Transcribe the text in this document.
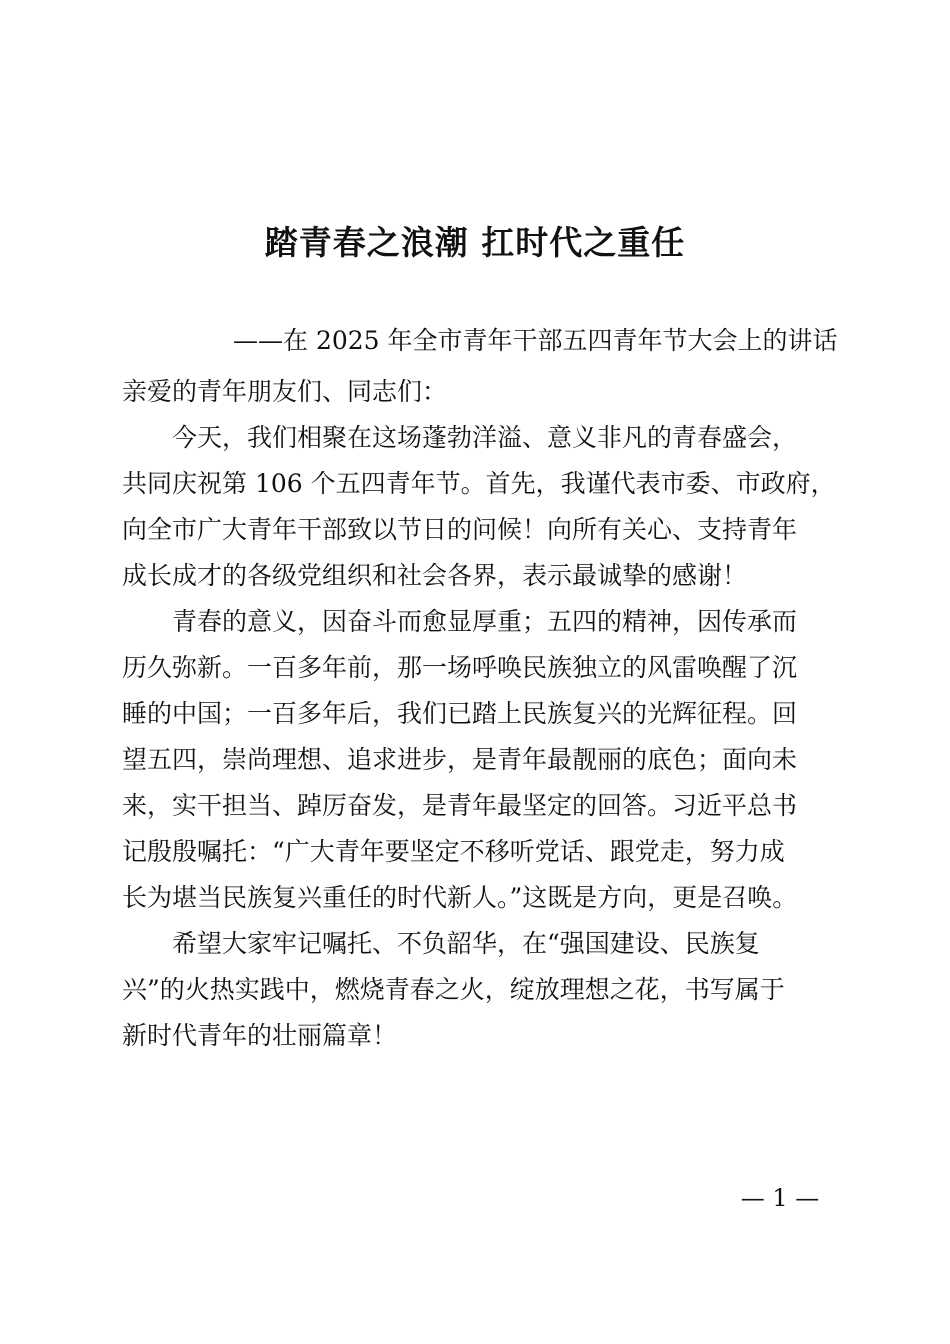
踏青春之浪潮 扛时代之重任

——在 2025 年全市青年干部五四青年节大会上的讲话

亲爱的青年朋友们、同志们：

今天，我们相聚在这场蓬勃洋溢、意义非凡的青春盛会，

共同庆祝第 106 个五四青年节。首先，我谨代表市委、市政府，

向全市广大青年干部致以节日的问候！向所有关心、支持青年

成长成才的各级党组织和社会各界，表示最诚挚的感谢！

青春的意义，因奋斗而愈显厚重；五四的精神，因传承而

历久弥新。一百多年前，那一场呼唤民族独立的风雷唤醒了沉

睡的中国；一百多年后，我们已踏上民族复兴的光辉征程。回

望五四，崇尚理想、追求进步，是青年最靓丽的底色；面向未

来，实干担当、踔厉奋发，是青年最坚定的回答。习近平总书

记殷殷嘱托：“广大青年要坚定不移听党话、跟党走，努力成

长为堪当民族复兴重任的时代新人。”这既是方向，更是召唤。

希望大家牢记嘱托、不负韶华，在“强国建设、民族复

兴”的火热实践中，燃烧青春之火，绽放理想之花，书写属于

新时代青年的壮丽篇章！

— 1 —
